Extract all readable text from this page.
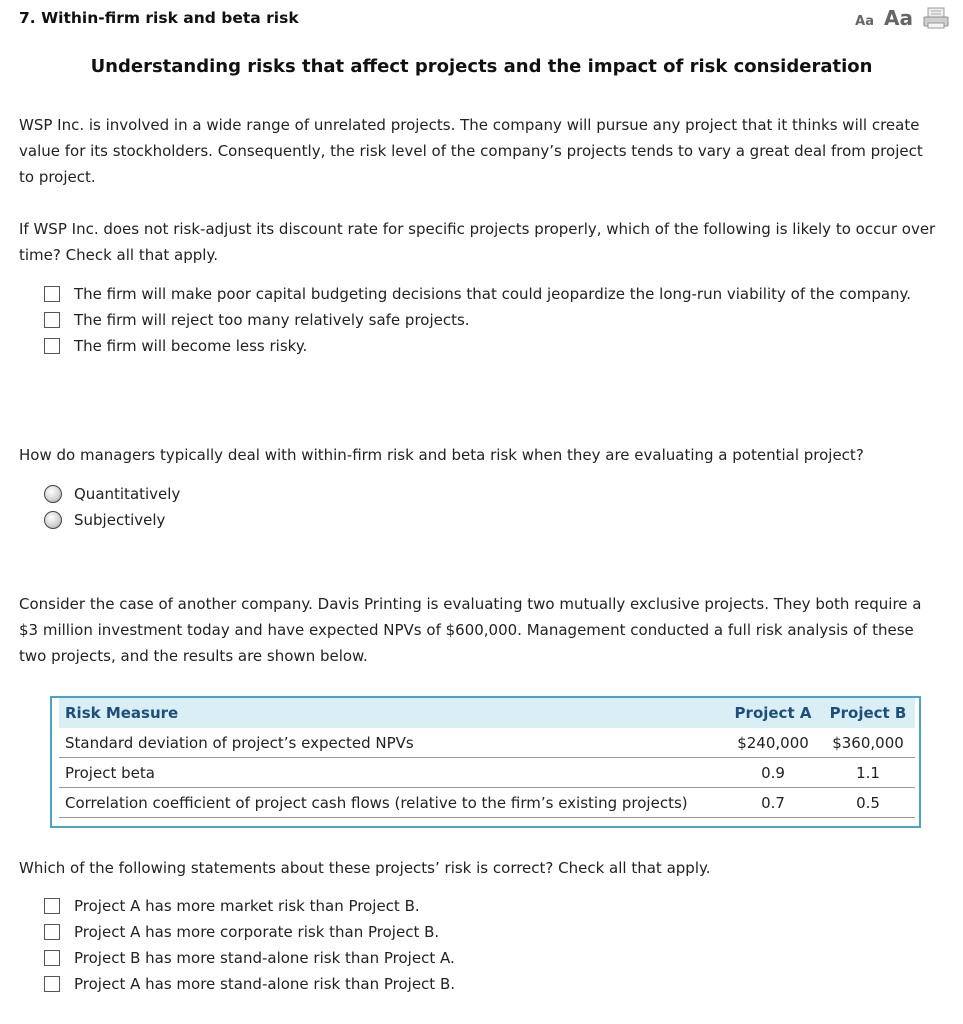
7. Within-firm risk and beta risk	Aa Aa
Understanding risks that affect projects and the impact of risk consideration

WSP Inc. is involved in a wide range of unrelated projects. The company will pursue any project that it thinks will create value for its stockholders. Consequently, the risk level of the company’s projects tends to vary a great deal from project to project.

If WSP Inc. does not risk-adjust its discount rate for specific projects properly, which of the following is likely to occur over time? Check all that apply.

The firm will make poor capital budgeting decisions that could jeopardize the long-run viability of the company.
The firm will reject too many relatively safe projects.
The firm will become less risky.

How do managers typically deal with within-firm risk and beta risk when they are evaluating a potential project?

Quantitatively
Subjectively

Consider the case of another company. Davis Printing is evaluating two mutually exclusive projects. They both require a $3 million investment today and have expected NPVs of $600,000. Management conducted a full risk analysis of these two projects, and the results are shown below.

Risk Measure	Project A	Project B
Standard deviation of project’s expected NPVs	$240,000	$360,000
Project beta	0.9	1.1
Correlation coefficient of project cash flows (relative to the firm’s existing projects)	0.7	0.5

Which of the following statements about these projects’ risk is correct? Check all that apply.

Project A has more market risk than Project B.
Project A has more corporate risk than Project B.
Project B has more stand-alone risk than Project A.
Project A has more stand-alone risk than Project B.
